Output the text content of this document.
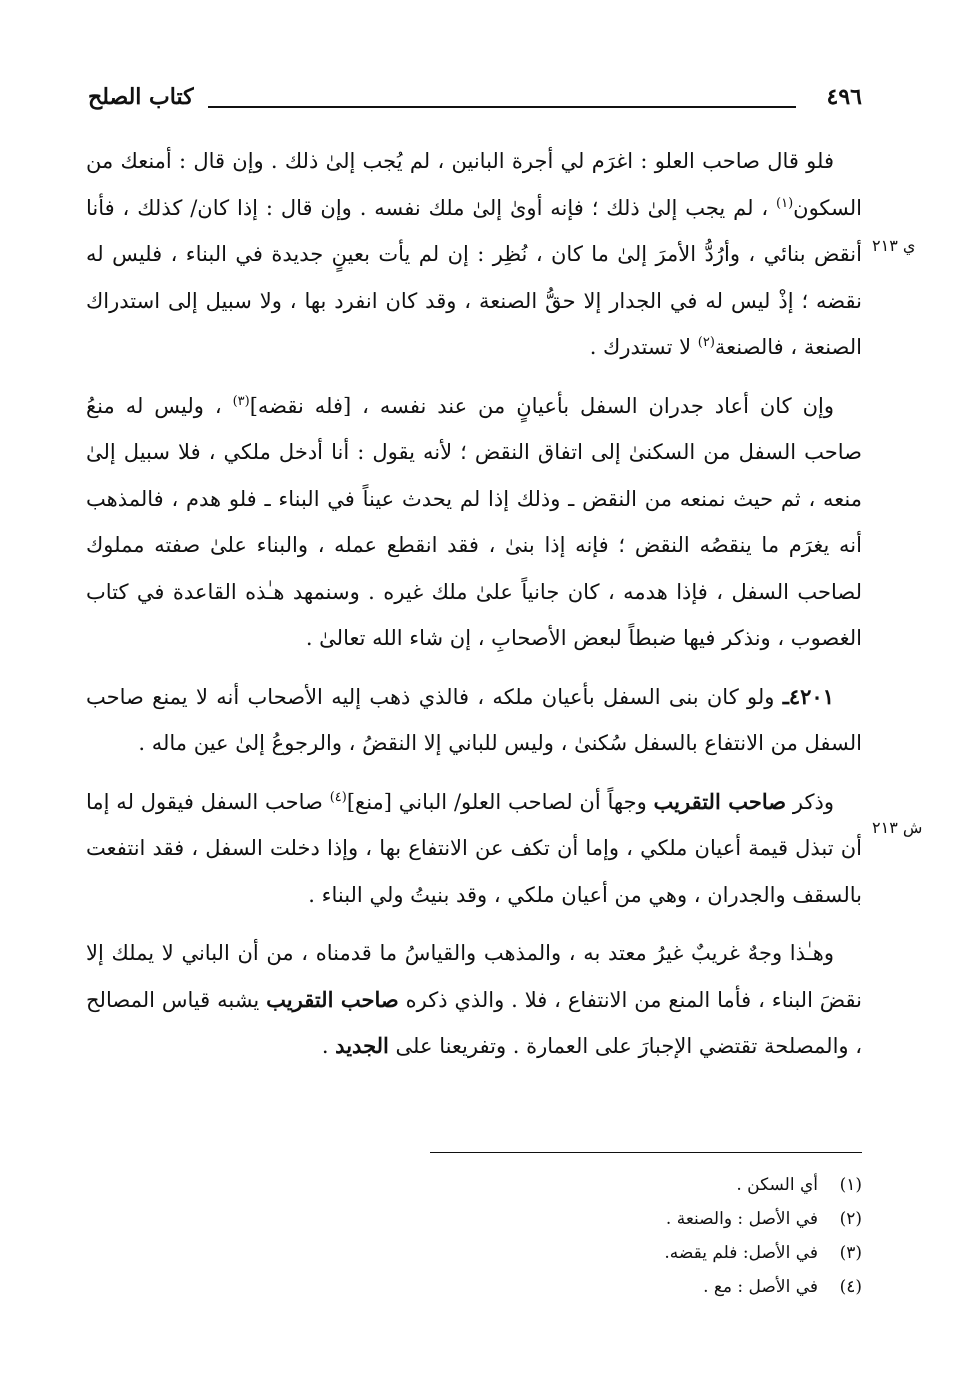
٤٩٦
كتاب الصلح
ي ٢١٣
ش ٢١٣

فلو قال صاحب العلو : اغرَم لي أجرة البانين ، لم يُجب إلىٰ ذلك . وإن قال : أمنعك من السكون$^{(١)}$ ، لم يجب إلىٰ ذلك ؛ فإنه أوىٰ إلىٰ ملك نفسه . وإن قال : إذا كان/ كذلك ، فأنا أنقض بنائي ، وأرُدُّ الأمرَ إلىٰ ما كان ، نُظِر : إن لم يأت بعينٍ جديدة في البناء ، فليس له نقضه ؛ إذْ ليس له في الجدار إلا حقُّ الصنعة ، وقد كان انفرد بها ، ولا سبيل إلى استدراك الصنعة ، فالصنعة$^{(٢)}$ لا تستدرك .

وإن كان أعاد جدران السفل بأعيانٍ من عند نفسه ، [فله نقضه]$^{(٣)}$ ، وليس له منعُ صاحب السفل من السكنىٰ إلى اتفاق النقض ؛ لأنه يقول : أنا أدخل ملكي ، فلا سبيل إلىٰ منعه ، ثم حيث نمنعه من النقض ـ وذلك إذا لم يحدث عيناً في البناء ـ فلو هدم ، فالمذهب أنه يغرَم ما ينقصُه النقض ؛ فإنه إذا بنىٰ ، فقد انقطع عمله ، والبناء علىٰ صفته مملوك لصاحب السفل ، فإذا هدمه ، كان جانياً علىٰ ملك غيره . وسنمهد هـٰذه القاعدة في كتاب الغصوب ، ونذكر فيها ضبطاً لبعض الأصحابِ ، إن شاء الله تعالىٰ .

٤٢٠١ـ ولو كان بنى السفل بأعيان ملكه ، فالذي ذهب إليه الأصحاب أنه لا يمنع صاحب السفل من الانتفاع بالسفل سُكنىٰ ، وليس للباني إلا النقضُ ، والرجوعُ إلىٰ عين ماله .

وذكر صاحب التقريب وجهاً أن لصاحب العلو/ الباني [منع]$^{(٤)}$ صاحب السفل فيقول له إما أن تبذل قيمة أعيان ملكي ، وإما أن تكف عن الانتفاع بها ، وإذا دخلت السفل ، فقد انتفعت بالسقف والجدران ، وهي من أعيان ملكي ، وقد بنيتُ ولي البناء .

وهـٰذا وجهٌ غريبٌ غيرُ معتد به ، والمذهب والقياسُ ما قدمناه ، من أن الباني لا يملك إلا نقضَ البناء ، فأما المنع من الانتفاع ، فلا . والذي ذكره صاحب التقريب يشبه قياس المصالح ، والمصلحة تقتضي الإجبارَ على العمارة . وتفريعنا على الجديد .

(١)
أي السكن .
(٢)
في الأصل : والصنعة .
(٣)
في الأصل: فلم يقضه.
(٤)
في الأصل : مع .
